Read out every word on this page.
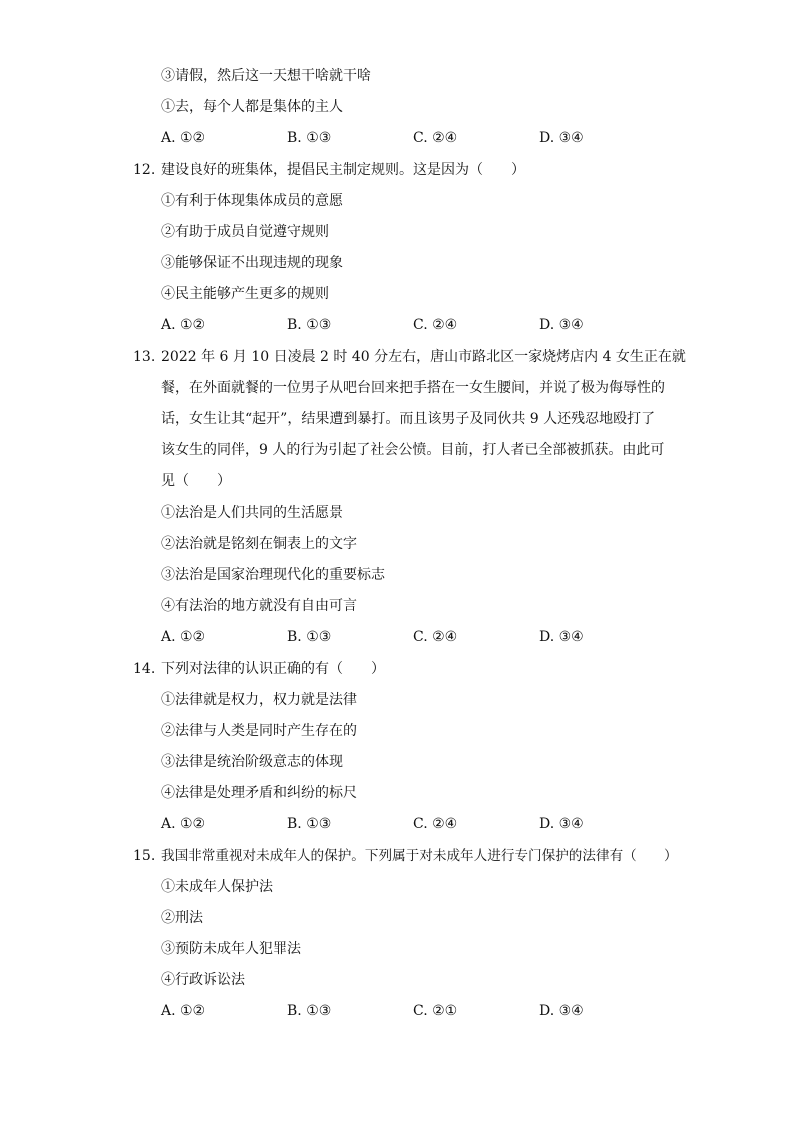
③请假，然后这一天想干啥就干啥
①去，每个人都是集体的主人
A. ①②	B. ①③	C. ②④	D. ③④
12. 建设良好的班集体，提倡民主制定规则。这是因为（　　）
①有利于体现集体成员的意愿
②有助于成员自觉遵守规则
③能够保证不出现违规的现象
④民主能够产生更多的规则
A. ①②	B. ①③	C. ②④	D. ③④
13. 2022 年 6 月 10 日凌晨 2 时 40 分左右，唐山市路北区一家烧烤店内 4 女生正在就
餐，在外面就餐的一位男子从吧台回来把手搭在一女生腰间，并说了极为侮辱性的
话，女生让其“起开”，结果遭到暴打。而且该男子及同伙共 9 人还残忍地殴打了
该女生的同伴，9 人的行为引起了社会公愤。目前，打人者已全部被抓获。由此可
见（　　）
①法治是人们共同的生活愿景
②法治就是铭刻在铜表上的文字
③法治是国家治理现代化的重要标志
④有法治的地方就没有自由可言
A. ①②	B. ①③	C. ②④	D. ③④
14. 下列对法律的认识正确的有（　　）
①法律就是权力，权力就是法律
②法律与人类是同时产生存在的
③法律是统治阶级意志的体现
④法律是处理矛盾和纠纷的标尺
A. ①②	B. ①③	C. ②④	D. ③④
15. 我国非常重视对未成年人的保护。下列属于对未成年人进行专门保护的法律有（　　）
①未成年人保护法
②刑法
③预防未成年人犯罪法
④行政诉讼法
A. ①②	B. ①③	C. ②①	D. ③④
